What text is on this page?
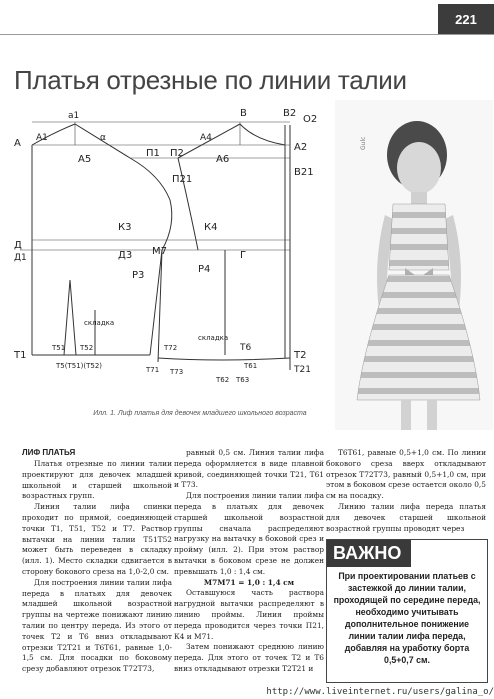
221
Платья отрезные по линии талии
A
a1
α
A1	A4
B	B2
O2
A2
B21
A5
П1 П2
A6
П21
К3	К4
Д
Д1	Д3 М7	Г
Р3
Р4
складка
складка
Т1
Т51 Т52	Т72	Т6
Т2
Т5(Т51)(Т52)	Т71 Т73
Т62
Т61
Т63
Т21
Gulc
Илл. 1. Лиф платья для девочек младшего школьного возраста
ЛИФ ПЛАТЬЯ

Платья отрезные по линии талии проектируют для девочек младшей школьной и старшей школьной возрастных групп.

Линия талии лифа спинки проходит по прямой, соединяющей точки Т1, Т51, Т52 и Т7. Раствор вытачки на линии талии Т51Т52 может быть переведен в складку (илл. 1). Место складки сдвигается в сторону бокового среза на 1,0-2,0 см.

Для построения линии талии лифа переда в платьях для девочек младшей школьной возрастной группы на чертеже понижают линию талии по центру переда. Из этого от точек Т2 и Т6 вниз откладывают отрезки Т2Т21 и Т6Т61, равные 1,0-1,5 см. Для посадки по боковому срезу добавляют отрезок Т72Т73,

равный 0,5 см. Линия талии лифа переда оформляется в виде плавной кривой, соединяющей точки Т21, Т61 и Т73.

Для построения линии талии лифа переда в платьях для девочек старшей школьной возрастной группы сначала распределяют нагрузку на вытачку в боковой срез и пройму (илл. 2). При этом раствор вытачки в боковом срезе не должен превышать 1,0 : 1,4 см.

М7М71 = 1,0 : 1,4 см

Оставшуюся часть раствора нагрудной вытачки распределяют в линию проймы. Линия проймы переда проводится через точки П21, К4 и М71.

Затем понижают среднюю линию переда. Для этого от точек Т2 и Т6 вниз откладывают отрезки Т2Т21 и

Т6Т61, равные 0,5+1,0 см. По линии бокового среза вверх откладывают отрезок Т72Т73, равный 0,5+1,0 см, при этом в боковом срезе остается около 0,5 см на посадку.

Линию талии лифа переда платья для девочек старшей школьной возрастной группы проводят через

ВАЖНО
При проектировании платьев с застежкой до линии талии, проходящей по середине переда, необходимо учитывать дополнительное понижение линии талии лифа переда, добавляя на уработку борта 0,5+0,7 см.
http://www.liveinternet.ru/users/galina_o/
